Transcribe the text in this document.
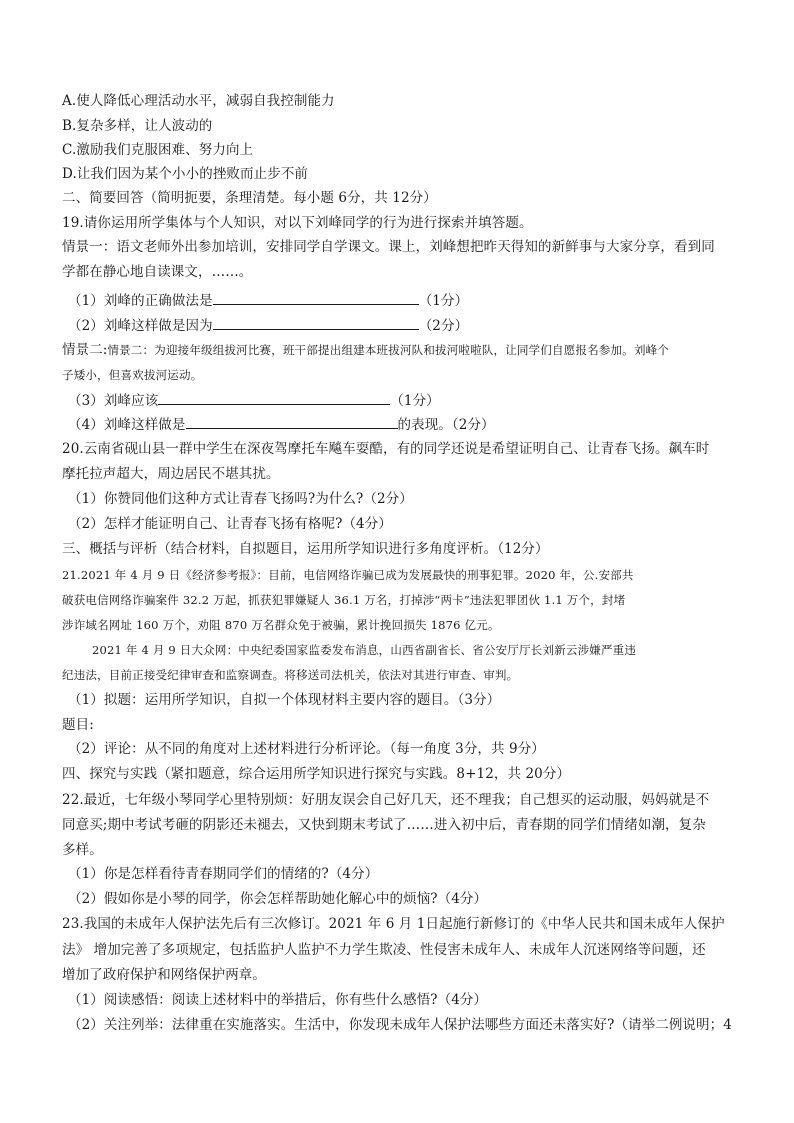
A.使人降低心理活动水平，减弱自我控制能力
B.复杂多样，让人波动的
C.激励我们克服困难、努力向上
D.让我们因为某个小小的挫败而止步不前
二、简要回答（简明扼要，条理清楚。每小题 6分，共 12分）
19.请你运用所学集体与个人知识，对以下刘峰同学的行为进行探索并填答题。
情景一：语文老师外出参加培训，安排同学自学课文。课上，刘峰想把昨天得知的新鲜事与大家分享，看到同
学都在静心地自读课文，……。
（1）刘峰的正确做法是	（1分）
（2）刘峰这样做是因为	（2分）
情景二:情景二：为迎接年级组拔河比赛，班干部提出组建本班拔河队和拔河啦啦队，让同学们自愿报名参加。刘峰个
子矮小，但喜欢拔河运动。
（3）刘峰应该	（1分）
（4）刘峰这样做是	的表现。（2分）
20.云南省砚山县一群中学生在深夜驾摩托车飚车耍酷，有的同学还说是希望证明自己、让青春飞扬。飙车时
摩托拉声超大，周边居民不堪其扰。
（1）你赞同他们这种方式让青春飞扬吗?为什么?（2分）
（2）怎样才能证明自己、让青春飞扬有格呢?（4分）
三、概括与评析（结合材料，自拟题目，运用所学知识进行多角度评析。（12分）
21.2021 年 4 月 9 日《经济参考报》：目前，电信网络诈骗已成为发展最快的刑事犯罪。2020 年，公.安部共
破获电信网络诈骗案件 32.2 万起，抓获犯罪嫌疑人 36.1 万名，打掉涉“两卡”违法犯罪团伙 1.1 万个，封堵
涉诈域名网址 160 万个，劝阻 870 万名群众免于被骗，累计挽回损失 1876 亿元。
2021 年 4 月 9 日大众网：中央纪委国家监委发布消息，山西省副省长、省公安厅厅长刘新云涉嫌严重违
纪违法，目前正接受纪律审查和监察调查。将移送司法机关，依法对其进行审查、审判。
（1）拟题：运用所学知识，自拟一个体现材料主要内容的题目。（3分）
题目:
（2）评论：从不同的角度对上述材料进行分析评论。（每一角度 3分，共 9分）
四、探究与实践（紧扣题意，综合运用所学知识进行探究与实践。8+12，共 20分）
22.最近，七年级小琴同学心里特别烦：好朋友误会自己好几天，还不理我；自己想买的运动服，妈妈就是不
同意买;期中考试考砸的阴影还未褪去，又快到期末考试了……进入初中后，青春期的同学们情绪如潮，复杂
多样。
（1）你是怎样看待青春期同学们的情绪的?（4分）
（2）假如你是小琴的同学，你会怎样帮助她化解心中的烦恼?（4分）
23.我国的未成年人保护法先后有三次修订。2021 年 6 月 1日起施行新修订的《中华人民共和国未成年人保护
法》 增加完善了多项规定，包括监护人监护不力学生欺凌、性侵害未成年人、未成年人沉迷网络等问题，还
增加了政府保护和网络保护两章。
（1）阅读感悟：阅读上述材料中的举措后，你有些什么感悟?（4分）
（2）关注列举：法律重在实施落实。生活中，你发现未成年人保护法哪些方面还未落实好?（请举二例说明；4
